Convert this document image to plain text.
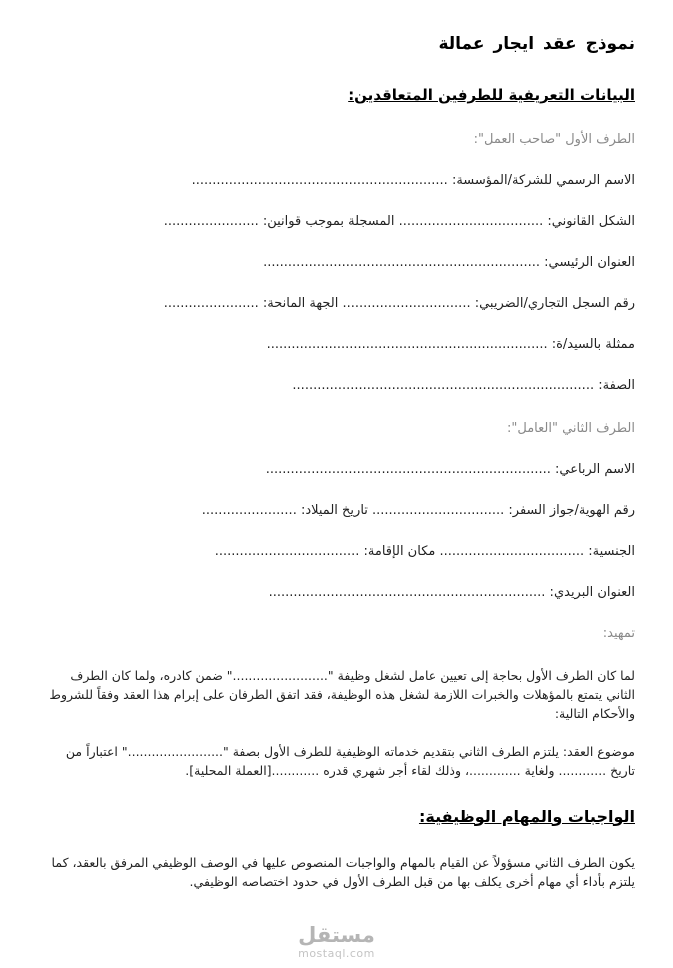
نموذج عقد ايجار عمالة
البيانات التعريفية للطرفين المتعاقدين:
الطرف الأول "صاحب العمل":
الاسم الرسمي للشركة/المؤسسة: ..............................................................
الشكل القانوني: ................................... المسجلة بموجب قوانين: .......................
العنوان الرئيسي: ...................................................................
رقم السجل التجاري/الضريبي: ............................... الجهة المانحة: .......................
ممثلة بالسيد/ة: ....................................................................
الصفة: .........................................................................
الطرف الثاني "العامل":
الاسم الرباعي: .....................................................................
رقم الهوية/جواز السفر: ................................ تاريخ الميلاد: .......................
الجنسية: ................................... مكان الإقامة: ...................................
العنوان البريدي: ...................................................................
تمهيد:

لما كان الطرف الأول بحاجة إلى تعيين عامل لشغل وظيفة "........................" ضمن كادره، ولما كان الطرف الثاني يتمتع بالمؤهلات والخبرات اللازمة لشغل هذه الوظيفة، فقد اتفق الطرفان على إبرام هذا العقد وفقاً للشروط والأحكام التالية:

موضوع العقد: يلتزم الطرف الثاني بتقديم خدماته الوظيفية للطرف الأول بصفة "........................" اعتباراً من تاريخ ............ ولغاية .............، وذلك لقاء أجر شهري قدره ............[العملة المحلية].

الواجبات والمهام الوظيفية:

يكون الطرف الثاني مسؤولاً عن القيام بالمهام والواجبات المنصوص عليها في الوصف الوظيفي المرفق بالعقد، كما يلتزم بأداء أي مهام أخرى يكلف بها من قبل الطرف الأول في حدود اختصاصه الوظيفي.

مستقل
mostaql.com
